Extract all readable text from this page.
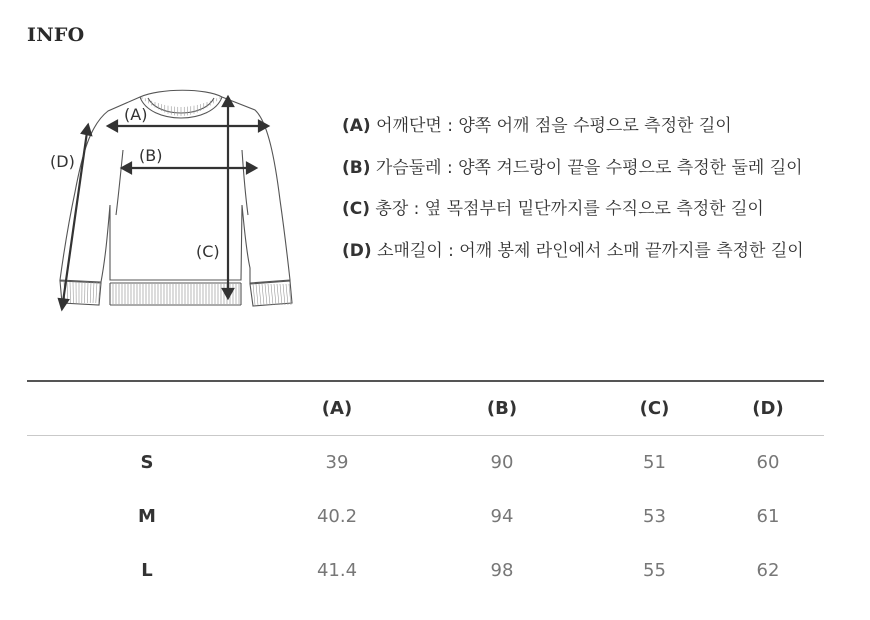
INFO
(A)
(B)
(C)
(D)
(A) 어깨단면 : 양쪽 어깨 점을 수평으로 측정한 길이
(B) 가슴둘레 : 양쪽 겨드랑이 끝을 수평으로 측정한 둘레 길이
(C) 총장 : 옆 목점부터 밑단까지를 수직으로 측정한 길이
(D) 소매길이 : 어깨 봉제 라인에서 소매 끝까지를 측정한 길이
	(A)	(B)	(C)	(D)
S	39	90	51	60
M	40.2	94	53	61
L	41.4	98	55	62
